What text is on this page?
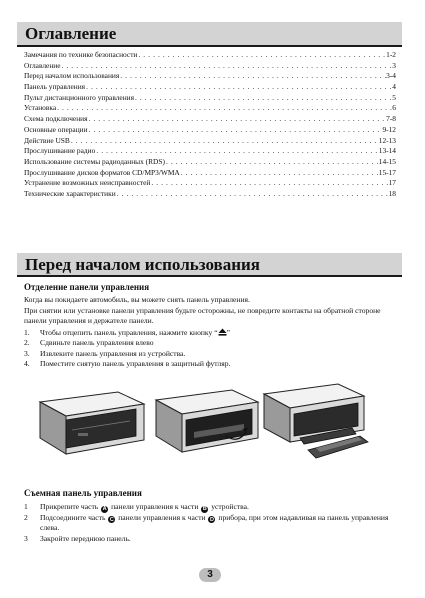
Оглавление
Замечания по технике безопасности . . .	1-2
Оглавление . . .	3
Перед началом использования . . .	3-4
Панель управления . . .	4
Пульт дистанционного управления . . .	5
Установка . . .	6
Схема подключения . . .	7-8
Основные операции . . .	9-12
Действие USB . . .	12-13
Прослушивание радио . . .	13-14
Использование системы радиоданных (RDS) . . .	14-15
Прослушивание дисков форматов CD/MP3/WMA . . .	15-17
Устранение возможных неисправностей . . .	17
Технические характеристики . . .	18
Перед началом использования
Отделение панели управления
Когда вы покидаете автомобиль, вы можете снять панель управления.
При снятии или установке панели управления будьте осторожны, не повредите контакты на обратной стороне панели управления и держателе панели.
1.	Чтобы отцепить панель управления, нажмите кнопку “ ”
2.	Сдвиньте панель управления влево
3.	Извлеките панель управления из устройства.
4.	Поместите снятую панель управления в защитный футляр.
Съемная панель управления
1	Прикрепите часть A панели управления к части B устройства.
2	Подсоедините часть C панели управления к части D прибора, при этом надавливая на панель управления слева.
3	Закройте переднюю панель.
3
